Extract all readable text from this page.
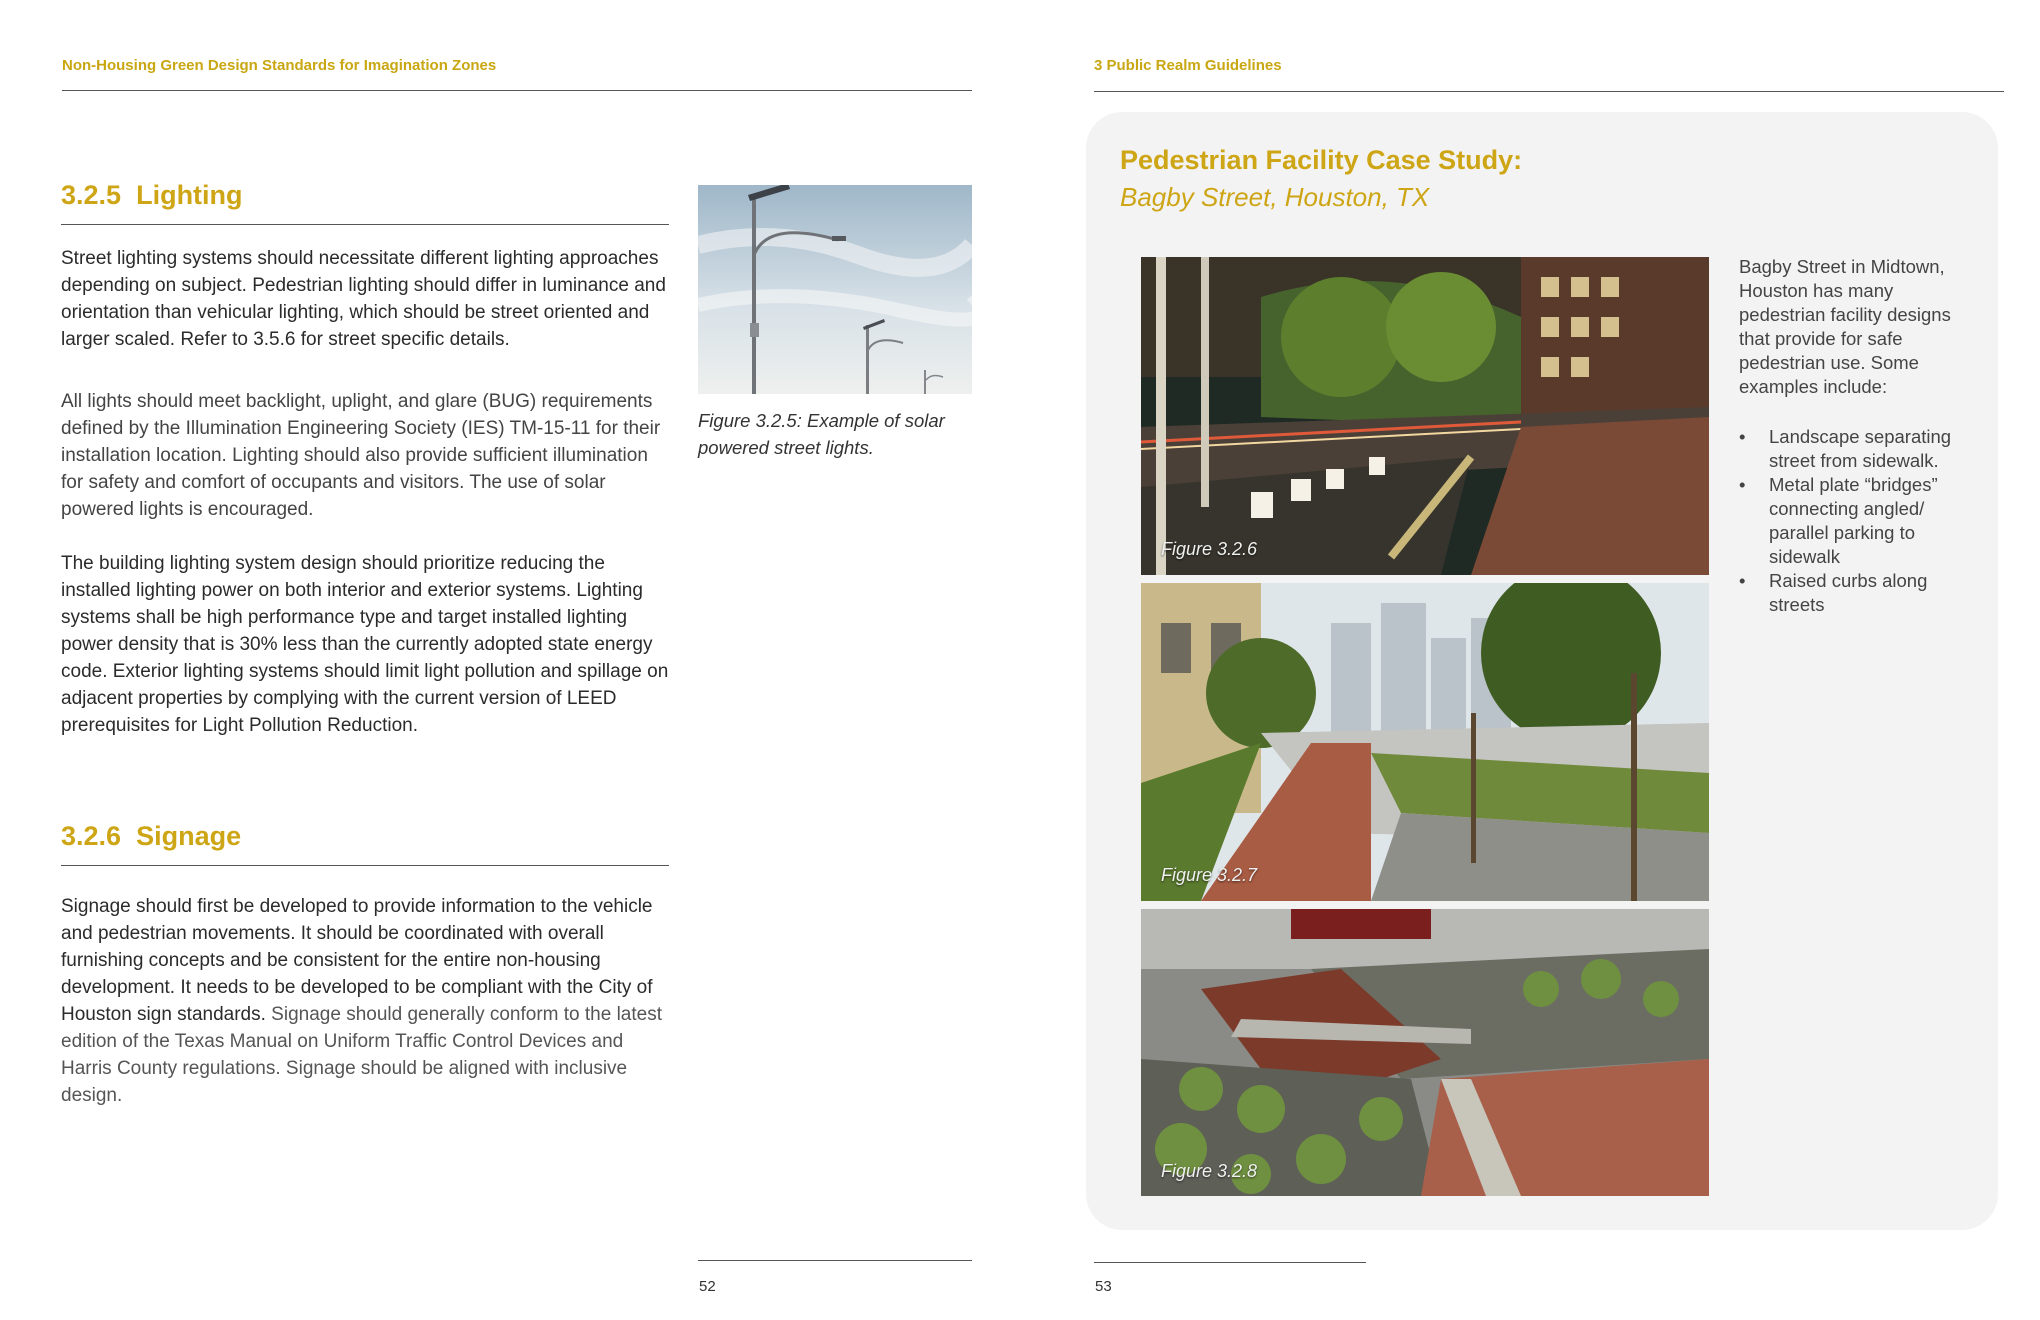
Non-Housing Green Design Standards for Imagination Zones
3.2.5 Lighting

Street lighting systems should necessitate different lighting approaches depending on subject. Pedestrian lighting should differ in luminance and orientation than vehicular lighting, which should be street oriented and larger scaled. Refer to 3.5.6 for street specific details.

All lights should meet backlight, uplight, and glare (BUG) requirements defined by the Illumination Engineering Society (IES) TM-15-11 for their installation location. Lighting should also provide sufficient illumination for safety and comfort of occupants and visitors. The use of solar powered lights is encouraged.

The building lighting system design should prioritize reducing the installed lighting power on both interior and exterior systems. Lighting systems shall be high performance type and target installed lighting power density that is 30% less than the currently adopted state energy code. Exterior lighting systems should limit light pollution and spillage on adjacent properties by complying with the current version of LEED prerequisites for Light Pollution Reduction.

Figure 3.2.5: Example of solar powered street lights.
3.2.6 Signage

Signage should first be developed to provide information to the vehicle and pedestrian movements. It should be coordinated with overall furnishing concepts and be consistent for the entire non-housing development. It needs to be developed to be compliant with the City of Houston sign standards. Signage should generally conform to the latest edition of the Texas Manual on Uniform Traffic Control Devices and Harris County regulations. Signage should be aligned with inclusive design.

52
3 Public Realm Guidelines
Pedestrian Facility Case Study:
Bagby Street, Houston, TX
Figure 3.2.6
Figure 3.2.7
Figure 3.2.8

Bagby Street in Midtown, Houston has many pedestrian facility designs that provide for safe pedestrian use. Some examples include:

• Landscape separating street from sidewalk.
• Metal plate “bridges” connecting angled/ parallel parking to sidewalk
• Raised curbs along streets
53
